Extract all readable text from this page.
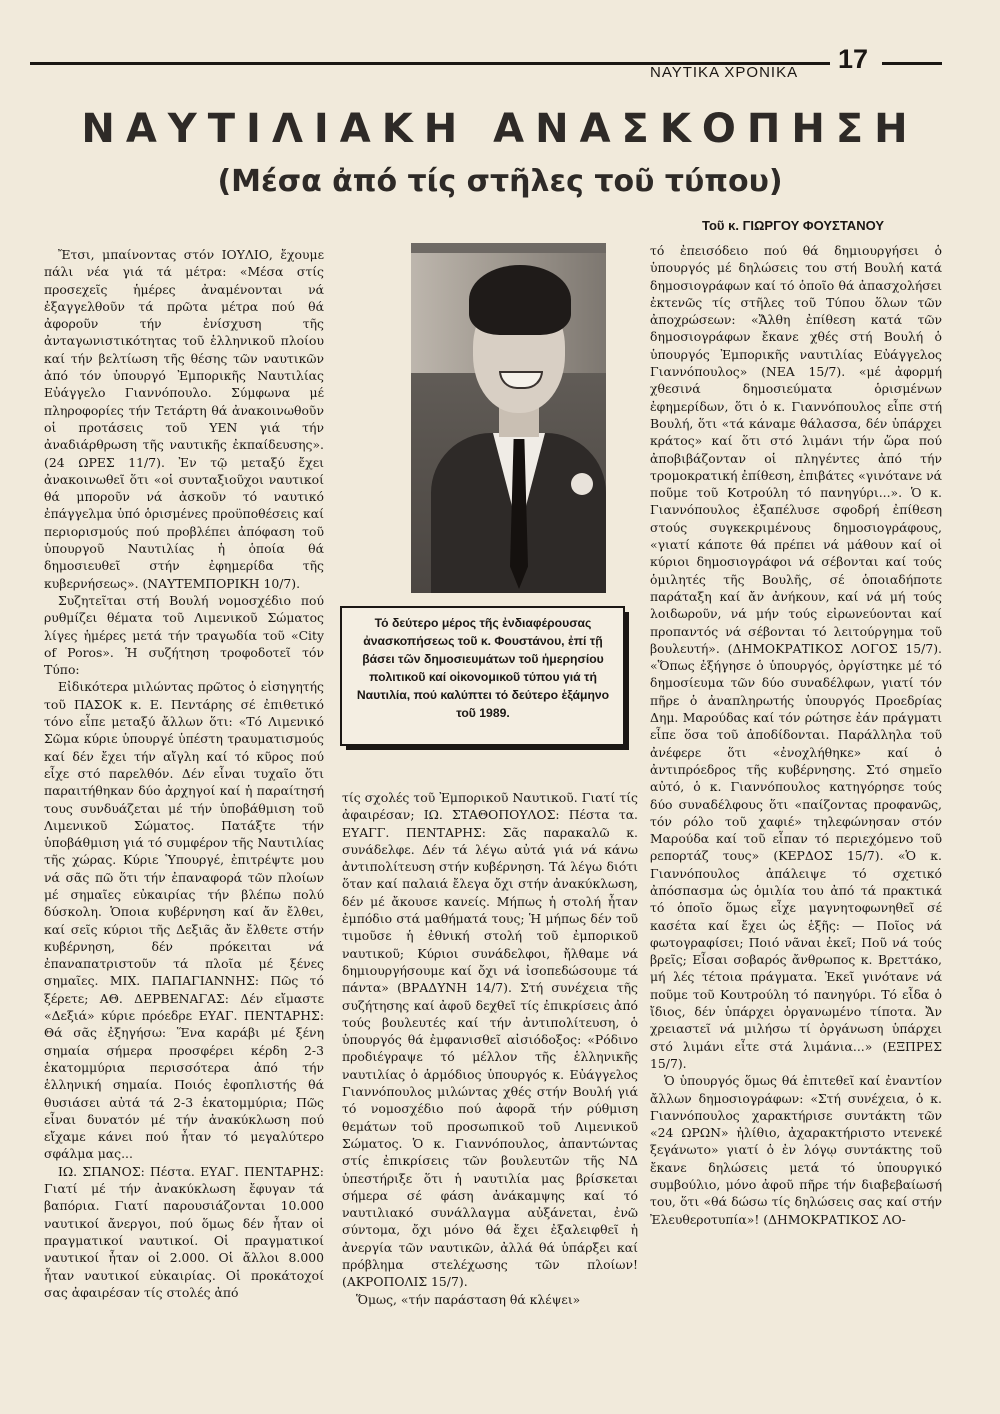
ΝΑΥΤΙΚΑ ΧΡΟΝΙΚΑ 17
ΝΑΥΤΙΛΙΑΚΗ ΑΝΑΣΚΟΠΗΣΗ
(Μέσα ἀπό τίς στῆλες τοῦ τύπου)
Τοῦ κ. ΓΙΩΡΓΟΥ ΦΟΥΣΤΑΝΟΥ

Ἔτσι, μπαίνοντας στόν ΙΟΥΛΙΟ, ἔχουμε πάλι νέα γιά τά μέτρα: «Μέσα στίς προσεχεῖς ἡμέρες ἀναμένονται νά ἐξαγγελθοῦν τά πρῶτα μέτρα πού θά ἀφοροῦν τήν ἐνίσχυση τῆς ἀνταγωνιστικότητας τοῦ ἑλληνικοῦ πλοίου καί τήν βελτίωση τῆς θέσης τῶν ναυτικῶν ἀπό τόν ὑπουργό Ἐμπορικῆς Ναυτιλίας Εὐάγγελο Γιαννόπουλο. Σύμφωνα μέ πληροφορίες τήν Τετάρτη θά ἀνακοινωθοῦν οἱ προτάσεις τοῦ ΥΕΝ γιά τήν ἀναδιάρθρωση τῆς ναυτικῆς ἐκπαίδευσης». (24 ΩΡΕΣ 11/7). Ἐν τῷ μεταξύ ἔχει ἀνακοινωθεῖ ὅτι «οἱ συνταξιοῦχοι ναυτικοί θά μποροῦν νά ἀσκοῦν τό ναυτικό ἐπάγγελμα ὑπό ὁρισμένες προϋποθέσεις καί περιορισμούς πού προβλέπει ἀπόφαση τοῦ ὑπουργοῦ Ναυτιλίας ἡ ὁποία θά δημοσιευθεῖ στήν ἐφημερίδα τῆς κυβερνήσεως». (ΝΑΥΤΕΜΠΟΡΙΚΗ 10/7).

Συζητεῖται στή Βουλή νομοσχέδιο πού ρυθμίζει θέματα τοῦ Λιμενικοῦ Σώματος λίγες ἡμέρες μετά τήν τραγωδία τοῦ «City of Poros». Ἡ συζήτηση τροφοδοτεῖ τόν Τύπο:

Εἰδικότερα μιλώντας πρῶτος ὁ εἰσηγητής τοῦ ΠΑΣΟΚ κ. Ε. Πεντάρης σέ ἐπιθετικό τόνο εἶπε μεταξύ ἄλλων ὅτι: «Τό Λιμενικό Σῶμα κύριε ὑπουργέ ὑπέστη τραυματισμούς καί δέν ἔχει τήν αἴγλη καί τό κῦρος πού εἶχε στό παρελθόν. Δέν εἶναι τυχαῖο ὅτι παραιτήθηκαν δύο ἀρχηγοί καί ἡ παραίτησή τους συνδυάζεται μέ τήν ὑποβάθμιση τοῦ Λιμενικοῦ Σώματος. Πατάξτε τήν ὑποβάθμιση γιά τό συμφέρον τῆς Ναυτιλίας τῆς χώρας. Κύριε Ὑπουργέ, ἐπιτρέψτε μου νά σᾶς πῶ ὅτι τήν ἐπαναφορά τῶν πλοίων μέ σημαῖες εὐκαιρίας τήν βλέπω πολύ δύσκολη. Ὁποια κυβέρνηση καί ἄν ἔλθει, καί σεῖς κύριοι τῆς Δεξιᾶς ἄν ἔλθετε στήν κυβέρνηση, δέν πρόκειται νά ἐπαναπατριστοῦν τά πλοῖα μέ ξένες σημαῖες. ΜΙΧ. ΠΑΠΑΓΙΑΝΝΗΣ: Πῶς τό ξέρετε; ΑΘ. ΔΕΡΒΕΝΑΓΑΣ: Δέν εἴμαστε «Δεξιά» κύριε πρόεδρε ΕΥΑΓ. ΠΕΝΤΑΡΗΣ: Θά σᾶς ἐξηγήσω: Ἕνα καράβι μέ ξένη σημαία σήμερα προσφέρει κέρδη 2-3 ἑκατομμύρια περισσότερα ἀπό τήν ἑλληνική σημαία. Ποιός ἐφοπλιστής θά θυσιάσει αὐτά τά 2-3 ἑκατομμύρια; Πῶς εἶναι δυνατόν μέ τήν ἀνακύκλωση πού εἴχαμε κάνει πού ἦταν τό μεγαλύτερο σφάλμα μας...

ΙΩ. ΣΠΑΝΟΣ: Πέστα. ΕΥΑΓ. ΠΕΝΤΑΡΗΣ: Γιατί μέ τήν ἀνακύκλωση ἔφυγαν τά βαπόρια. Γιατί παρουσιάζονται 10.000 ναυτικοί ἄνεργοι, πού ὅμως δέν ἦταν οἱ πραγματικοί ναυτικοί. Οἱ πραγματικοί ναυτικοί ἦταν οἱ 2.000. Οἱ ἄλλοι 8.000 ἦταν ναυτικοί εὐκαιρίας. Οἱ προκάτοχοί σας ἀφαιρέσαν τίς στολές ἀπό

Τό δεύτερο μέρος τῆς ἐνδιαφέρουσας ἀνασκοπήσεως τοῦ κ. Φουστάνου, ἐπί τῇ βάσει τῶν δημοσιευμάτων τοῦ ἡμερησίου πολιτικοῦ καί οἰκονομικοῦ τύπου γιά τή Ναυτιλία, πού καλύπτει τό δεύτερο ἑξάμηνο τοῦ 1989.

τίς σχολές τοῦ Ἐμπορικοῦ Ναυτικοῦ. Γιατί τίς ἀφαιρέσαν; ΙΩ. ΣΤΑΘΟΠΟΥΛΟΣ: Πέστα τα. ΕΥΑΓΓ. ΠΕΝΤΑΡΗΣ: Σᾶς παρακαλῶ κ. συνάδελφε. Δέν τά λέγω αὐτά γιά νά κάνω ἀντιπολίτευση στήν κυβέρνηση. Τά λέγω διότι ὅταν καί παλαιά ἔλεγα ὄχι στήν ἀνακύκλωση, δέν μέ ἄκουσε κανείς. Μήπως ἡ στολή ἦταν ἐμπόδιο στά μαθήματά τους; Ἡ μήπως δέν τοῦ τιμοῦσε ἡ ἐθνική στολή τοῦ ἐμπορικοῦ ναυτικοῦ; Κύριοι συνάδελφοι, ἤλθαμε νά δημιουργήσουμε καί ὄχι νά ἰσοπεδώσουμε τά πάντα» (ΒΡΑΔΥΝΗ 14/7). Στή συνέχεια τῆς συζήτησης καί ἀφοῦ δεχθεῖ τίς ἐπικρίσεις ἀπό τούς βουλευτές καί τήν ἀντιπολίτευση, ὁ ὑπουργός θά ἐμφανισθεῖ αἰσιόδοξος: «Ρόδινο προδιέγραψε τό μέλλον τῆς ἑλληνικῆς ναυτιλίας ὁ ἁρμόδιος ὑπουργός κ. Εὐάγγελος Γιαννόπουλος μιλώντας χθές στήν Βουλή γιά τό νομοσχέδιο πού ἀφορᾶ τήν ρύθμιση θεμάτων τοῦ προσωπικοῦ τοῦ Λιμενικοῦ Σώματος. Ὁ κ. Γιαννόπουλος, ἀπαντώντας στίς ἐπικρίσεις τῶν βουλευτῶν τῆς ΝΔ ὑπεστήριξε ὅτι ἡ ναυτιλία μας βρίσκεται σήμερα σέ φάση ἀνάκαμψης καί τό ναυτιλιακό συνάλλαγμα αὐξάνεται, ἐνῶ σύντομα, ὄχι μόνο θά ἔχει ἐξαλειφθεῖ ἡ ἀνεργία τῶν ναυτικῶν, ἀλλά θά ὑπάρξει καί πρόβλημα στελέχωσης τῶν πλοίων! (ΑΚΡΟΠΟΛΙΣ 15/7).

Ὅμως, «τήν παράσταση θά κλέψει»

τό ἐπεισόδειο πού θά δημιουργήσει ὁ ὑπουργός μέ δηλώσεις του στή Βουλή κατά δημοσιογράφων καί τό ὁποῖο θά ἀπασχολήσει ἐκτενῶς τίς στῆλες τοῦ Τύπου ὅλων τῶν ἀποχρώσεων: «Ἄλθη ἐπίθεση κατά τῶν δημοσιογράφων ἔκανε χθές στή Βουλή ὁ ὑπουργός Ἐμπορικῆς ναυτιλίας Εὐάγγελος Γιαννόπουλος» (ΝΕΑ 15/7). «μέ ἀφορμή χθεσινά δημοσιεύματα ὁρισμένων ἐφημερίδων, ὅτι ὁ κ. Γιαννόπουλος εἶπε στή Βουλή, ὅτι «τά κάναμε θάλασσα, δέν ὑπάρχει κράτος» καί ὅτι στό λιμάνι τήν ὥρα πού ἀποβιβάζονταν οἱ πληγέντες ἀπό τήν τρομοκρατική ἐπίθεση, ἐπιβάτες «γινότανε νά ποῦμε τοῦ Κοτρούλη τό πανηγύρι...». Ὁ κ. Γιαννόπουλος ἐξαπέλυσε σφοδρή ἐπίθεση στούς συγκεκριμένους δημοσιογράφους, «γιατί κάποτε θά πρέπει νά μάθουν καί οἱ κύριοι δημοσιογράφοι νά σέβονται καί τούς ὁμιλητές τῆς Βουλῆς, σέ ὁποιαδήποτε παράταξη καί ἄν ἀνήκουν, καί νά μή τούς λοιδωροῦν, νά μήν τούς εἰρωνεύονται καί προπαντός νά σέβονται τό λειτούργημα τοῦ βουλευτή». (ΔΗΜΟΚΡΑΤΙΚΟΣ ΛΟΓΟΣ 15/7). «Ὅπως ἐξήγησε ὁ ὑπουργός, ὀργίστηκε μέ τό δημοσίευμα τῶν δύο συναδέλφων, γιατί τόν πῆρε ὁ ἀναπληρωτής ὑπουργός Προεδρίας Δημ. Μαρούδας καί τόν ρώτησε ἐάν πράγματι εἶπε ὅσα τοῦ ἀποδίδονται. Παράλληλα τοῦ ἀνέφερε ὅτι «ἐνοχλήθηκε» καί ὁ ἀντιπρόεδρος τῆς κυβέρνησης. Στό σημεῖο αὐτό, ὁ κ. Γιαννόπουλος κατηγόρησε τούς δύο συναδέλφους ὅτι «παίζοντας προφανῶς, τόν ρόλο τοῦ χαφιέ» τηλεφώνησαν στόν Μαρούδα καί τοῦ εἶπαν τό περιεχόμενο τοῦ ρεπορτάζ τους» (ΚΕΡΔΟΣ 15/7). «Ὁ κ. Γιαννόπουλος ἀπάλειψε τό σχετικό ἀπόσπασμα ὡς ὁμιλία του ἀπό τά πρακτικά τό ὁποῖο ὅμως εἶχε μαγνητοφωνηθεῖ σέ κασέτα καί ἔχει ὡς ἑξῆς: — Ποῖος νά φωτογραφίσει; Ποιό νᾶναι ἐκεῖ; Ποῦ νά τούς βρεῖς; Εἶσαι σοβαρός ἄνθρωπος κ. Βρεττάκο, μή λές τέτοια πράγματα. Ἐκεῖ γινότανε νά ποῦμε τοῦ Κουτρούλη τό πανηγύρι. Τό εἶδα ὁ ἴδιος, δέν ὑπάρχει ὀργανωμένο τίποτα. Ἄν χρειαστεῖ νά μιλήσω τί ὀργάνωση ὑπάρχει στό λιμάνι εἶτε στά λιμάνια...» (ΕΞΠΡΕΣ 15/7).

Ὁ ὑπουργός ὅμως θά ἐπιτεθεῖ καί ἐναντίον ἄλλων δημοσιογράφων: «Στή συνέχεια, ὁ κ. Γιαννόπουλος χαρακτήρισε συντάκτη τῶν «24 ΩΡΩΝ» ἠλίθιο, ἀχαρακτήριστο ντενεκέ ξεγάνωτο» γιατί ὁ ἐν λόγῳ συντάκτης τοῦ ἔκανε δηλώσεις μετά τό ὑπουργικό συμβούλιο, μόνο ἀφοῦ πῆρε τήν διαβεβαίωσή του, ὅτι «θά δώσω τίς δηλώσεις σας καί στήν Ἐλευθεροτυπία»! (ΔΗΜΟΚΡΑΤΙΚΟΣ ΛΟ-
